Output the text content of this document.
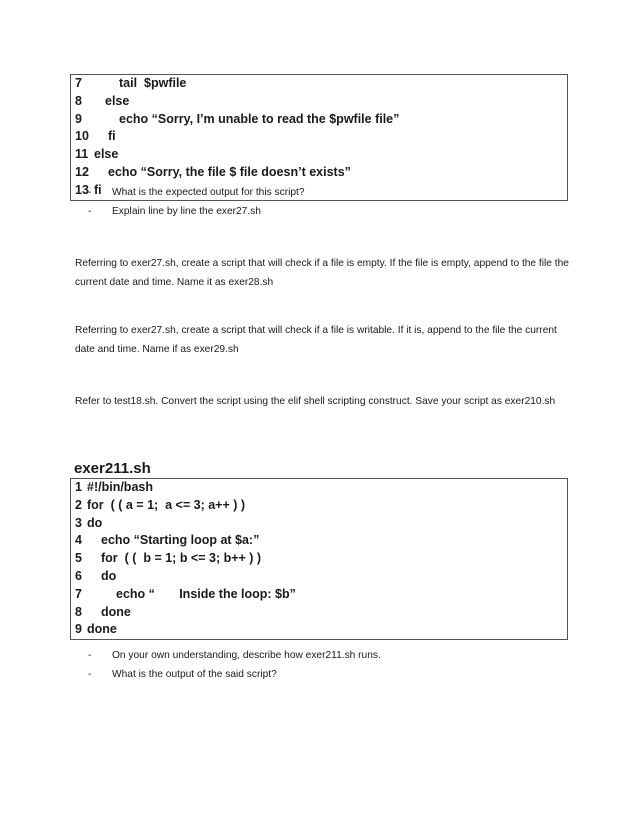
7	tail  $pwfile
8 else
9	echo “Sorry, I’m unable to read the $pwfile file”
10 fi
11 else
12 echo “Sorry, the file $ file doesn’t exists”
13 fi
- What is the expected output for this script?
- Explain line by line the exer27.sh
Referring to exer27.sh, create a script that will check if a file is empty. If the file is empty, append to the file the current date and time. Name it as exer28.sh
Referring to exer27.sh, create a script that will check if a file is writable. If it is, append to the file the current date and time. Name if as exer29.sh
Refer to test18.sh. Convert the script using the elif shell scripting construct. Save your script as exer210.sh
exer211.sh
1 #!/bin/bash
2 for  ( ( a = 1;  a <= 3; a++ ) )
3 do
4 echo “Starting loop at $a:”
5 for  ( (  b = 1; b <= 3; b++ ) )
6 do
7	echo “       Inside the loop: $b”
8 done
9 done
- On your own understanding, describe how exer211.sh runs.
- What is the output of the said script?
